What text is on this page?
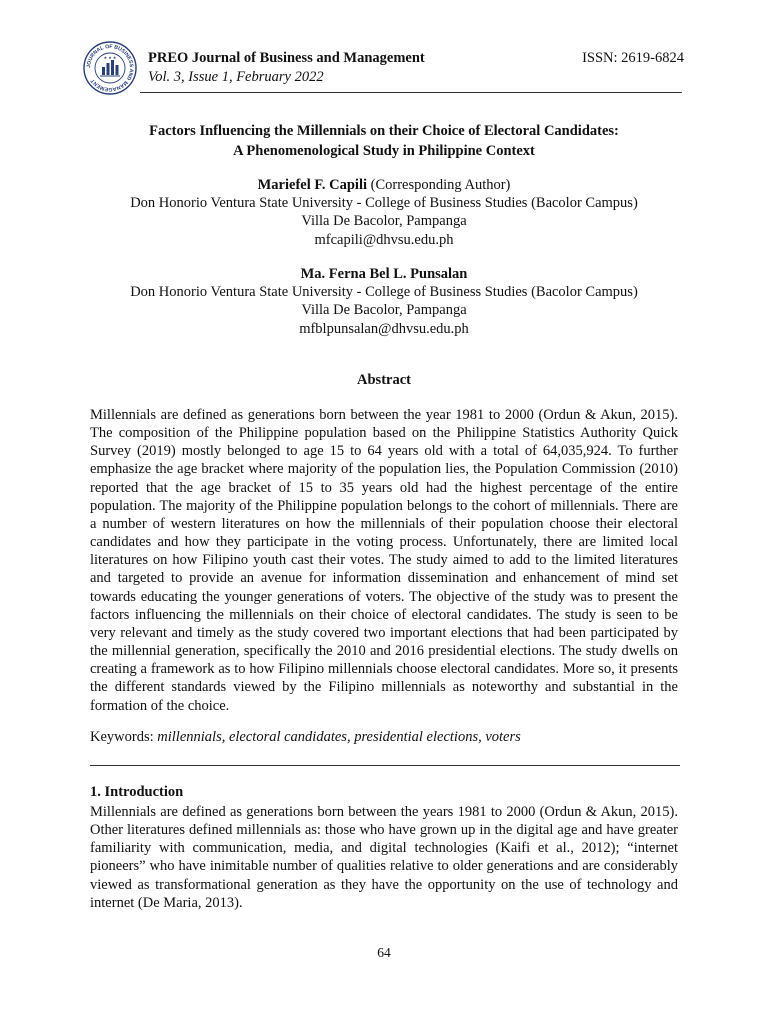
JOURNAL OF BUSINESS AND MANAGEMENT
★ ★ ★ PREO Journal of Business and Management
Vol. 3, Issue 1, February 2022
ISSN: 2619-6824
Factors Influencing the Millennials on their Choice of Electoral Candidates:
A Phenomenological Study in Philippine Context
Mariefel F. Capili (Corresponding Author)
Don Honorio Ventura State University - College of Business Studies (Bacolor Campus)
Villa De Bacolor, Pampanga
mfcapili@dhvsu.edu.ph
Ma. Ferna Bel L. Punsalan
Don Honorio Ventura State University - College of Business Studies (Bacolor Campus)
Villa De Bacolor, Pampanga
mfblpunsalan@dhvsu.edu.ph
Abstract

Millennials are defined as generations born between the year 1981 to 2000 (Ordun & Akun, 2015). The composition of the Philippine population based on the Philippine Statistics Authority Quick Survey (2019) mostly belonged to age 15 to 64 years old with a total of 64,035,924. To further emphasize the age bracket where majority of the population lies, the Population Commission (2010) reported that the age bracket of 15 to 35 years old had the highest percentage of the entire population. The majority of the Philippine population belongs to the cohort of millennials. There are a number of western literatures on how the millennials of their population choose their electoral candidates and how they participate in the voting process. Unfortunately, there are limited local literatures on how Filipino youth cast their votes. The study aimed to add to the limited literatures and targeted to provide an avenue for information dissemination and enhancement of mind set towards educating the younger generations of voters. The objective of the study was to present the factors influencing the millennials on their choice of electoral candidates. The study is seen to be very relevant and timely as the study covered two important elections that had been participated by the millennial generation, specifically the 2010 and 2016 presidential elections. The study dwells on creating a framework as to how Filipino millennials choose electoral candidates. More so, it presents the different standards viewed by the Filipino millennials as noteworthy and substantial in the formation of the choice.

Keywords: millennials, electoral candidates, presidential elections, voters
1. Introduction

Millennials are defined as generations born between the years 1981 to 2000 (Ordun & Akun, 2015). Other literatures defined millennials as: those who have grown up in the digital age and have greater familiarity with communication, media, and digital technologies (Kaifi et al., 2012); “internet pioneers” who have inimitable number of qualities relative to older generations and are considerably viewed as transformational generation as they have the opportunity on the use of technology and internet (De Maria, 2013).

64
